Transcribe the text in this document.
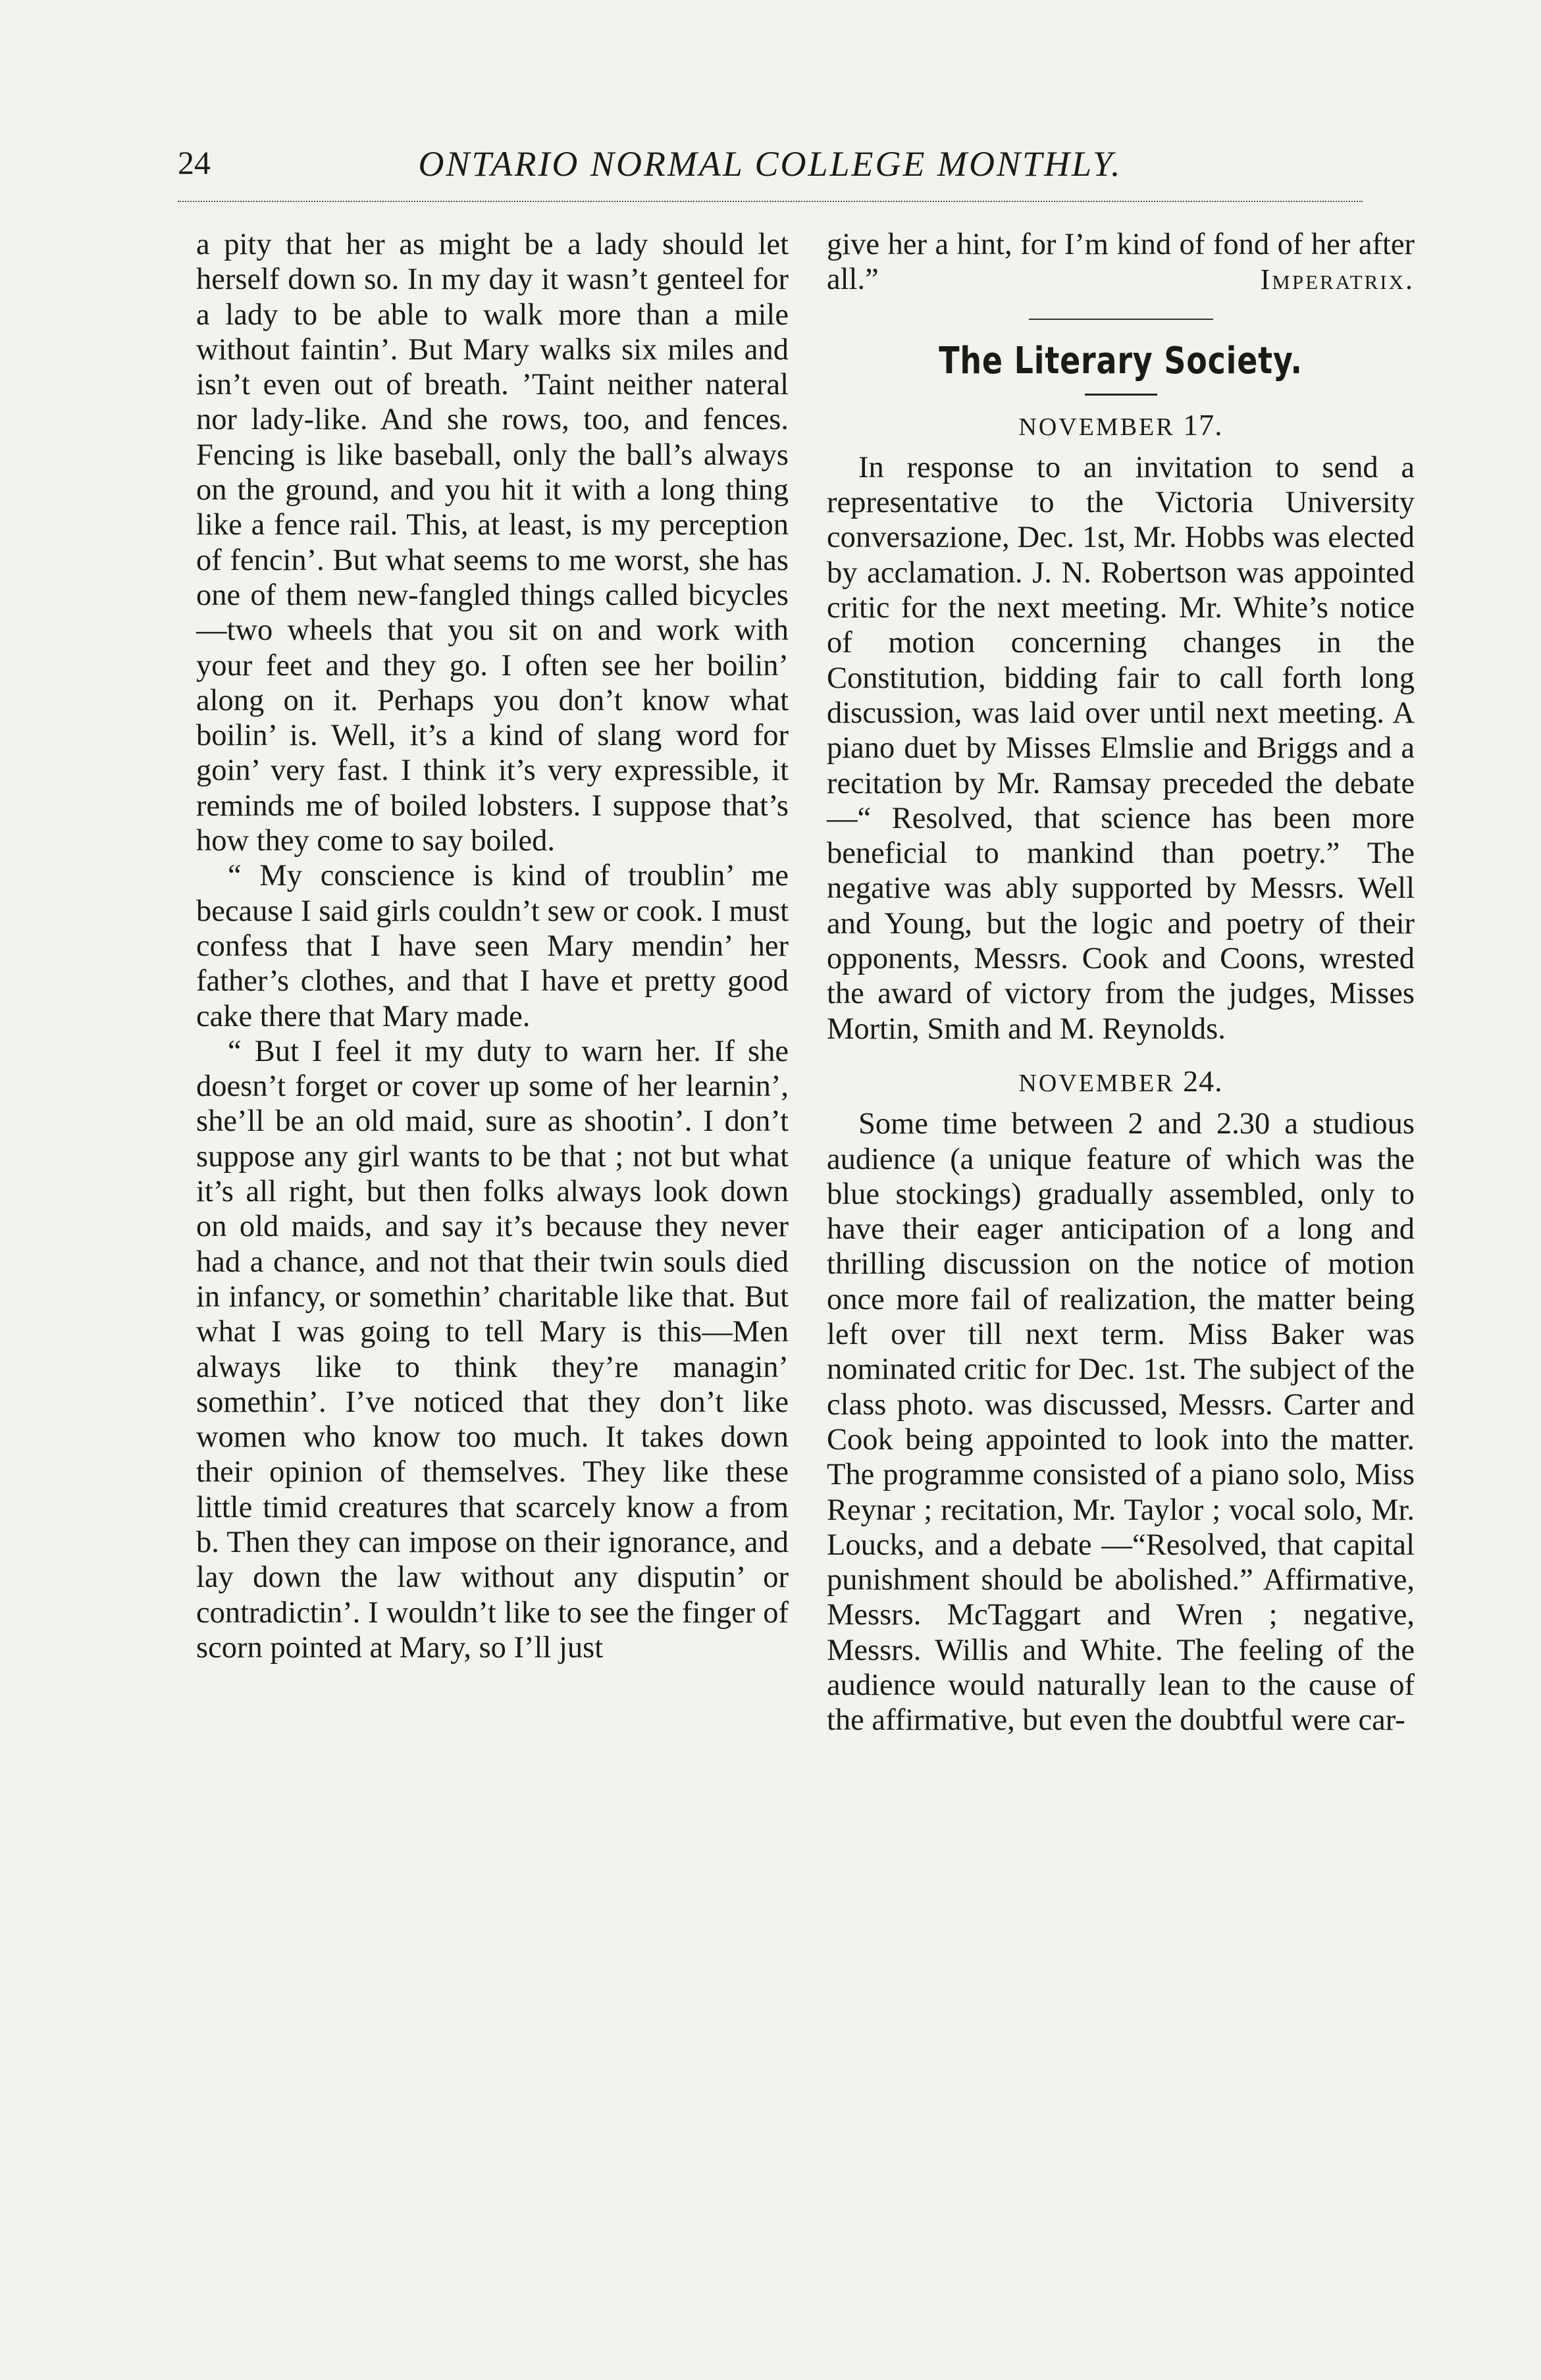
24	ONTARIO NORMAL COLLEGE MONTHLY.

a pity that her as might be a lady should let herself down so. In my day it wasn’t genteel for a lady to be able to walk more than a mile without faintin’. But Mary walks six miles and isn’t even out of breath. ’Taint neither nateral nor lady-like. And she rows, too, and fences. Fencing is like baseball, only the ball’s always on the ground, and you hit it with a long thing like a fence rail. This, at least, is my perception of fencin’. But what seems to me worst, she has one of them new-fangled things called bicycles—two wheels that you sit on and work with your feet and they go. I often see her boilin’ along on it. Perhaps you don’t know what boilin’ is. Well, it’s a kind of slang word for goin’ very fast. I think it’s very expressible, it reminds me of boiled lobsters. I suppose that’s how they come to say boiled.

“ My conscience is kind of troublin’ me because I said girls couldn’t sew or cook. I must confess that I have seen Mary mendin’ her father’s clothes, and that I have et pretty good cake there that Mary made.

“ But I feel it my duty to warn her. If she doesn’t forget or cover up some of her learnin’, she’ll be an old maid, sure as shootin’. I don’t suppose any girl wants to be that ; not but what it’s all right, but then folks always look down on old maids, and say it’s because they never had a chance, and not that their twin souls died in infancy, or somethin’ charitable like that. But what I was going to tell Mary is this—Men always like to think they’re managin’ somethin’. I’ve noticed that they don’t like women who know too much. It takes down their opinion of themselves. They like these little timid creatures that scarcely know a from b. Then they can impose on their ignorance, and lay down the law without any disputin’ or contradictin’. I wouldn’t like to see the finger of scorn pointed at Mary, so I’ll just

give her a hint, for I’m kind of fond of her after all.”	Imperatrix.

The Literary Society.

NOVEMBER 17.

In response to an invitation to send a representative to the Victoria University conversazione, Dec. 1st, Mr. Hobbs was elected by acclamation. J. N. Robertson was appointed critic for the next meeting. Mr. White’s notice of motion concerning changes in the Constitution, bidding fair to call forth long discussion, was laid over until next meeting. A piano duet by Misses Elmslie and Briggs and a recitation by Mr. Ramsay preceded the debate—“ Resolved, that science has been more beneficial to mankind than poetry.” The negative was ably supported by Messrs. Well and Young, but the logic and poetry of their opponents, Messrs. Cook and Coons, wrested the award of victory from the judges, Misses Mortin, Smith and M. Reynolds.

NOVEMBER 24.

Some time between 2 and 2.30 a studious audience (a unique feature of which was the blue stockings) gradually assembled, only to have their eager anticipation of a long and thrilling discussion on the notice of motion once more fail of realization, the matter being left over till next term. Miss Baker was nominated critic for Dec. 1st. The subject of the class photo. was discussed, Messrs. Carter and Cook being appointed to look into the matter. The programme consisted of a piano solo, Miss Reynar ; recitation, Mr. Taylor ; vocal solo, Mr. Loucks, and a debate —“Resolved, that capital punishment should be abolished.” Affirmative, Messrs. McTaggart and Wren ; negative, Messrs. Willis and White. The feeling of the audience would naturally lean to the cause of the affirmative, but even the doubtful were car-
